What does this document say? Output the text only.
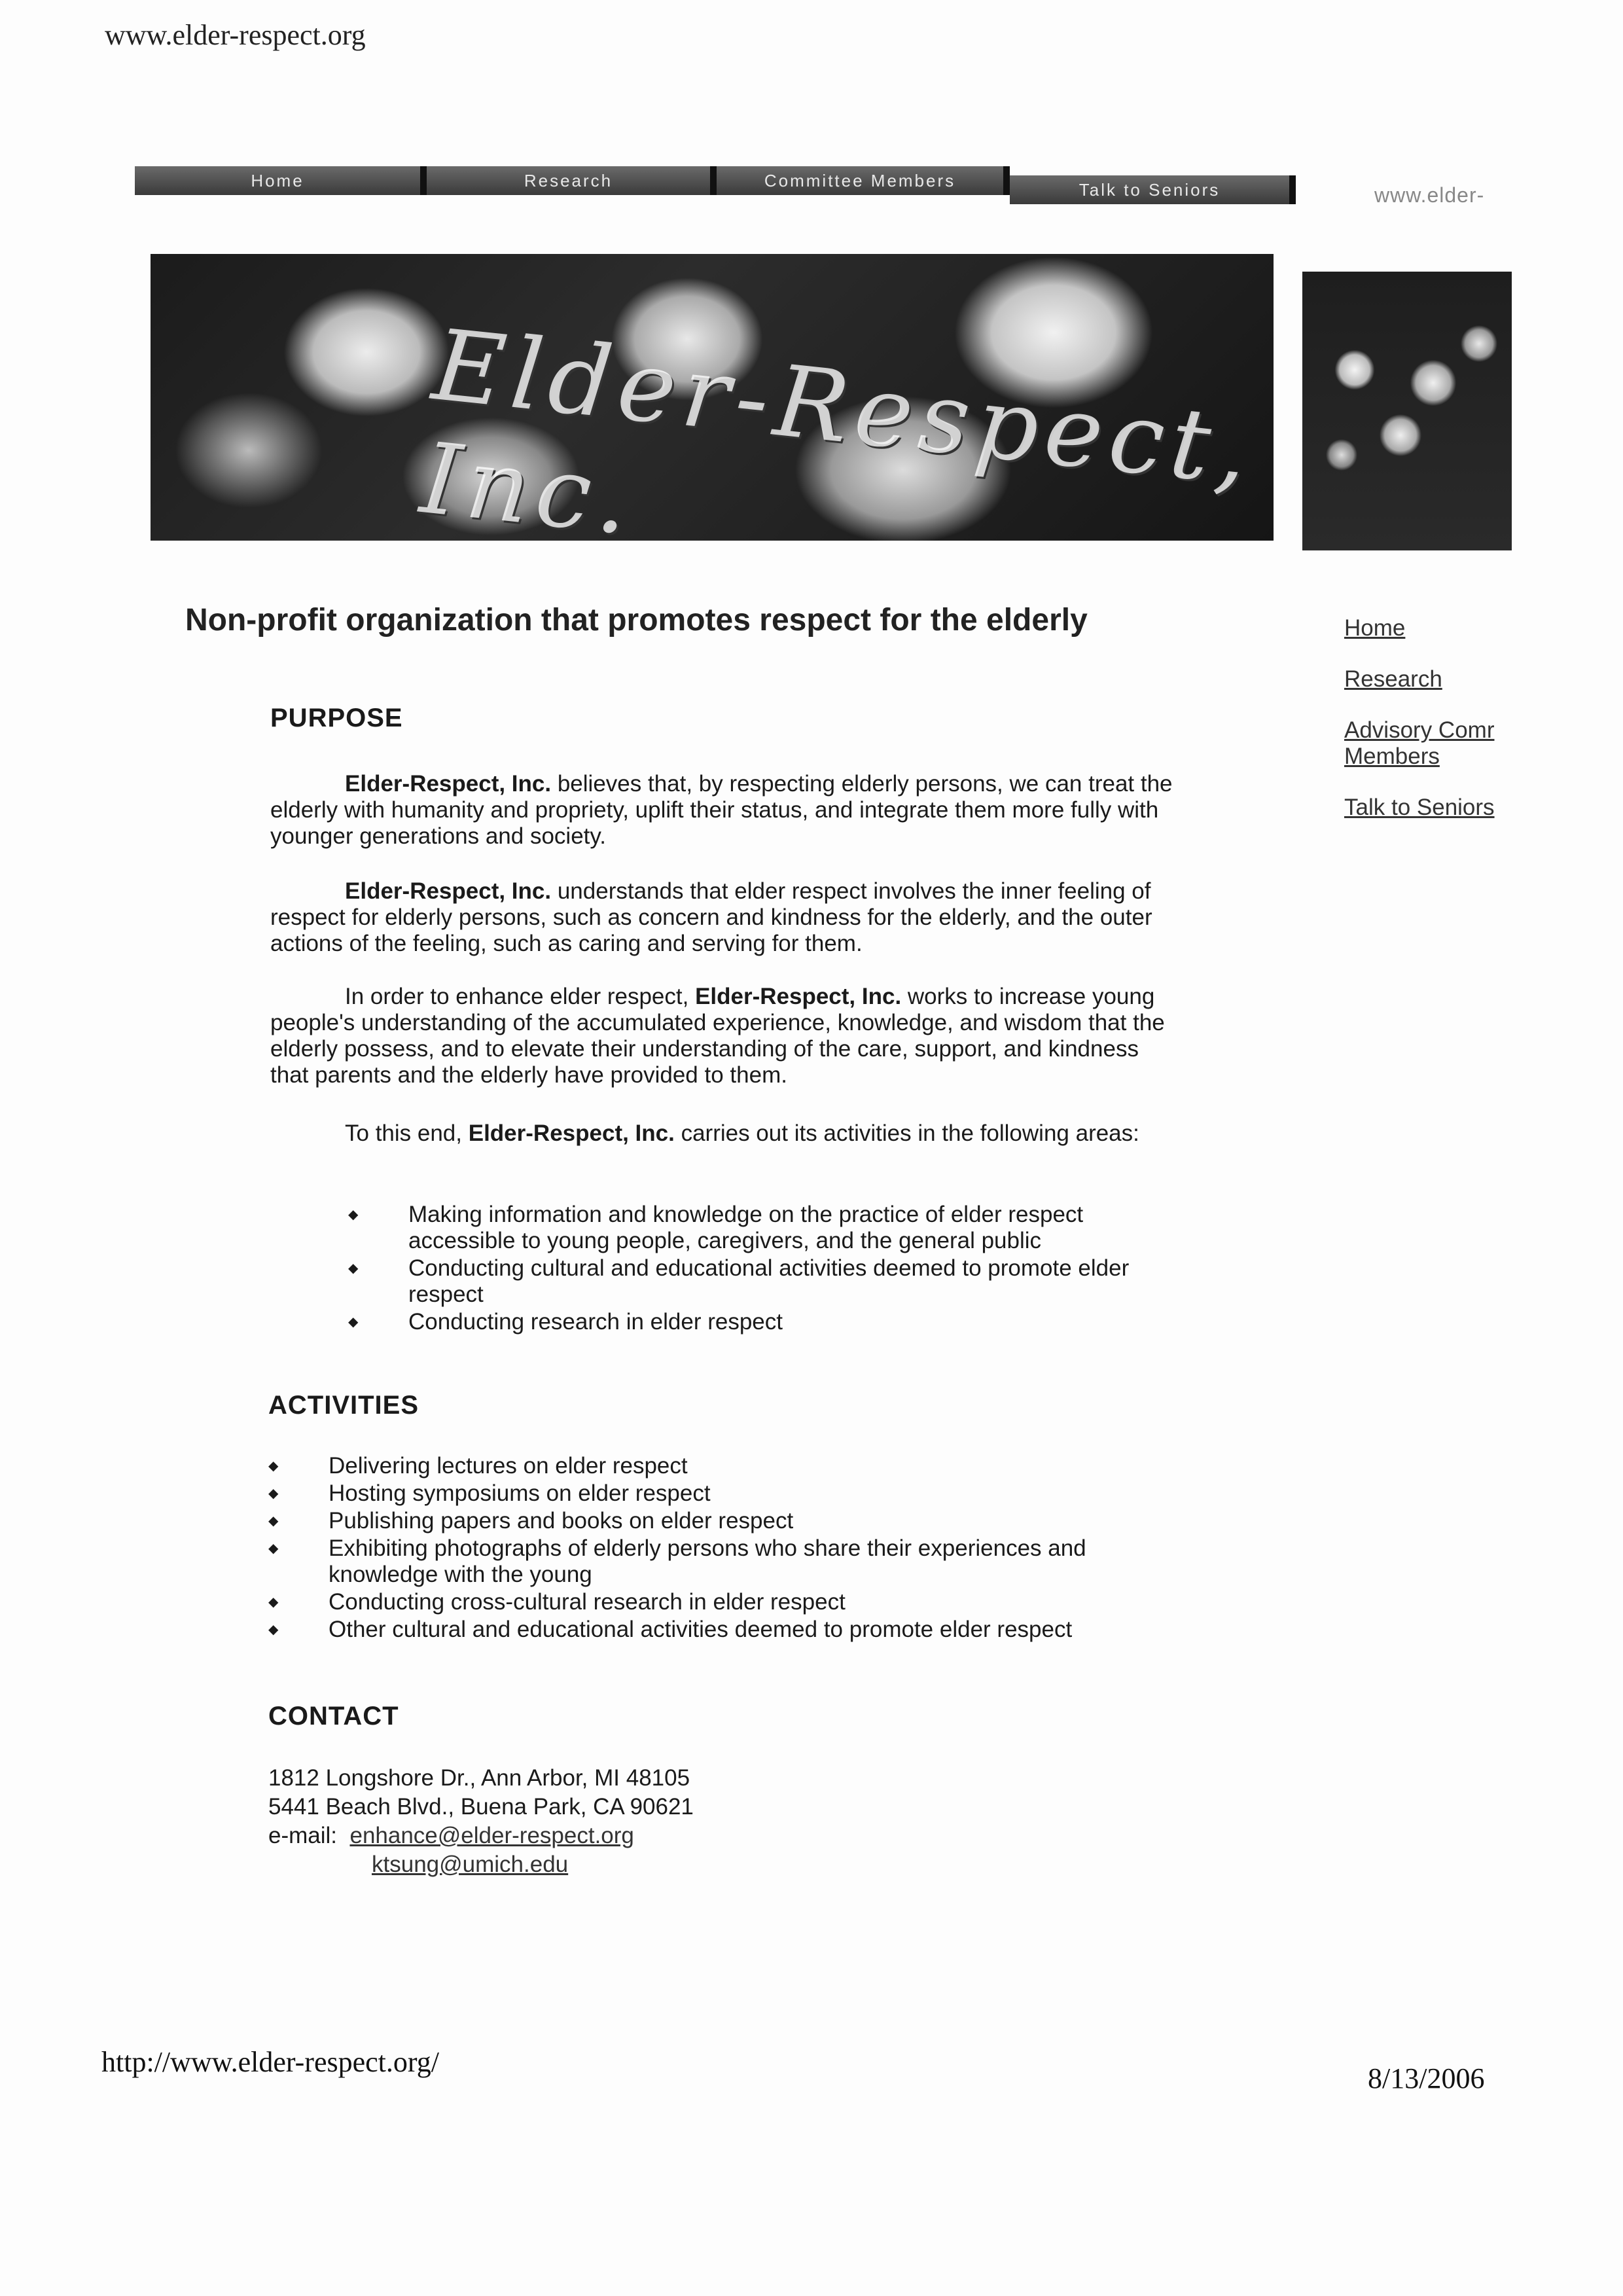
www.elder-respect.org
Home	Research	Committee Members	Talk to Seniors	www.elder-
Elder-Respect, Inc.
Non-profit organization that promotes respect for the elderly
PURPOSE
Elder-Respect, Inc. believes that, by respecting elderly persons, we can treat the elderly with humanity and propriety, uplift their status, and integrate them more fully with younger generations and society.
Elder-Respect, Inc. understands that elder respect involves the inner feeling of respect for elderly persons, such as concern and kindness for the elderly, and the outer actions of the feeling, such as caring and serving for them.
In order to enhance elder respect, Elder-Respect, Inc. works to increase young people's understanding of the accumulated experience, knowledge, and wisdom that the elderly possess, and to elevate their understanding of the care, support, and kindness that parents and the elderly have provided to them.
To this end, Elder-Respect, Inc. carries out its activities in the following areas:
◆ Making information and knowledge on the practice of elder respect accessible to young people, caregivers, and the general public
◆ Conducting cultural and educational activities deemed to promote elder respect
◆ Conducting research in elder respect
ACTIVITIES
◆ Delivering lectures on elder respect
◆ Hosting symposiums on elder respect
◆ Publishing papers and books on elder respect
◆ Exhibiting photographs of elderly persons who share their experiences and knowledge with the young
◆ Conducting cross-cultural research in elder respect
◆ Other cultural and educational activities deemed to promote elder respect
CONTACT
1812 Longshore Dr., Ann Arbor, MI 48105
5441 Beach Blvd., Buena Park, CA 90621
e-mail: enhance@elder-respect.org
ktsung@umich.edu
Home
Research
Advisory Comr Members
Talk to Seniors
http://www.elder-respect.org/
8/13/2006
